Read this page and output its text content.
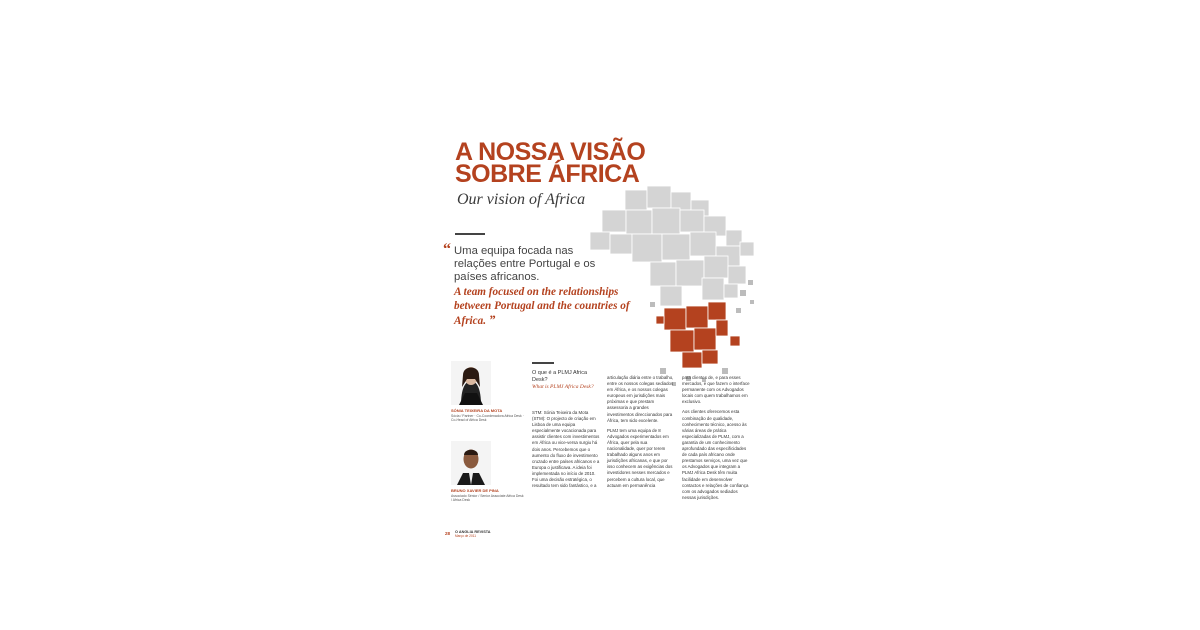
A NOSSA VISÃO
SOBRE ÁFRICA

Our vision of Africa

“ Uma equipa focada nas relações entre Portugal e os países africanos.
A team focused on the relationships between Portugal and the countries of Africa. ”
SÓNIA TEIXEIRA DA MOTA
Sócia / Partner · Co-Coordenadora Africa Desk · Co-Head of Africa Desk
BRUNO XAVIER DE PINA
Associado Sénior / Senior Associate Africa Desk / Africa Desk
O que é a PLMJ Africa Desk?
What is PLMJ Africa Desk?

STM: Sónia Teixeira da Mota (STM): O projecto de criação em Lisboa de uma equipa especialmente vocacionada para assistir clientes com investimentos em África ou vice-versa surgiu há dois anos. Percebemos que o aumento do fluxo de investimento cruzado entre países africanos e a Europa o justificava. A ideia foi implementada no início de 2010. Foi uma decisão estratégica, o resultado tem sido fantástico, e a

articulação diária entre o trabalho, entre os nossos colegas sediados em África, e os nossos colegas europeus em jurisdições mais próximas e que prestam assessoria a grandes investimentos direccionados para África, tem sido excelente.

PLMJ tem uma equipa de 8 Advogados experimentados em África, quer pela sua nacionalidade, quer por terem trabalhado alguns anos em jurisdições africanas, e que por isso conhecem as exigências dos investidores nesses mercados e percebem a cultura local, que actuam em permanência

para clientes de, e para esses mercados, e que fazem o interface permanente com os Advogados locais com quem trabalhamos em exclusivo.

Aos clientes oferecemos esta combinação de qualidade, conhecimento técnico, acesso às várias áreas de prática especializadas de PLMJ, com a garantia de um conhecimento aprofundado das especificidades de cada país africano onde prestamos serviços, uma vez que os Advogados que integram a PLMJ Africa Desk têm muita facilidade em desenvolver contactos e relações de confiança com os advogados sediados nessas jurisdições.

28 O ANGLIA REVISTA
Março de 2011
